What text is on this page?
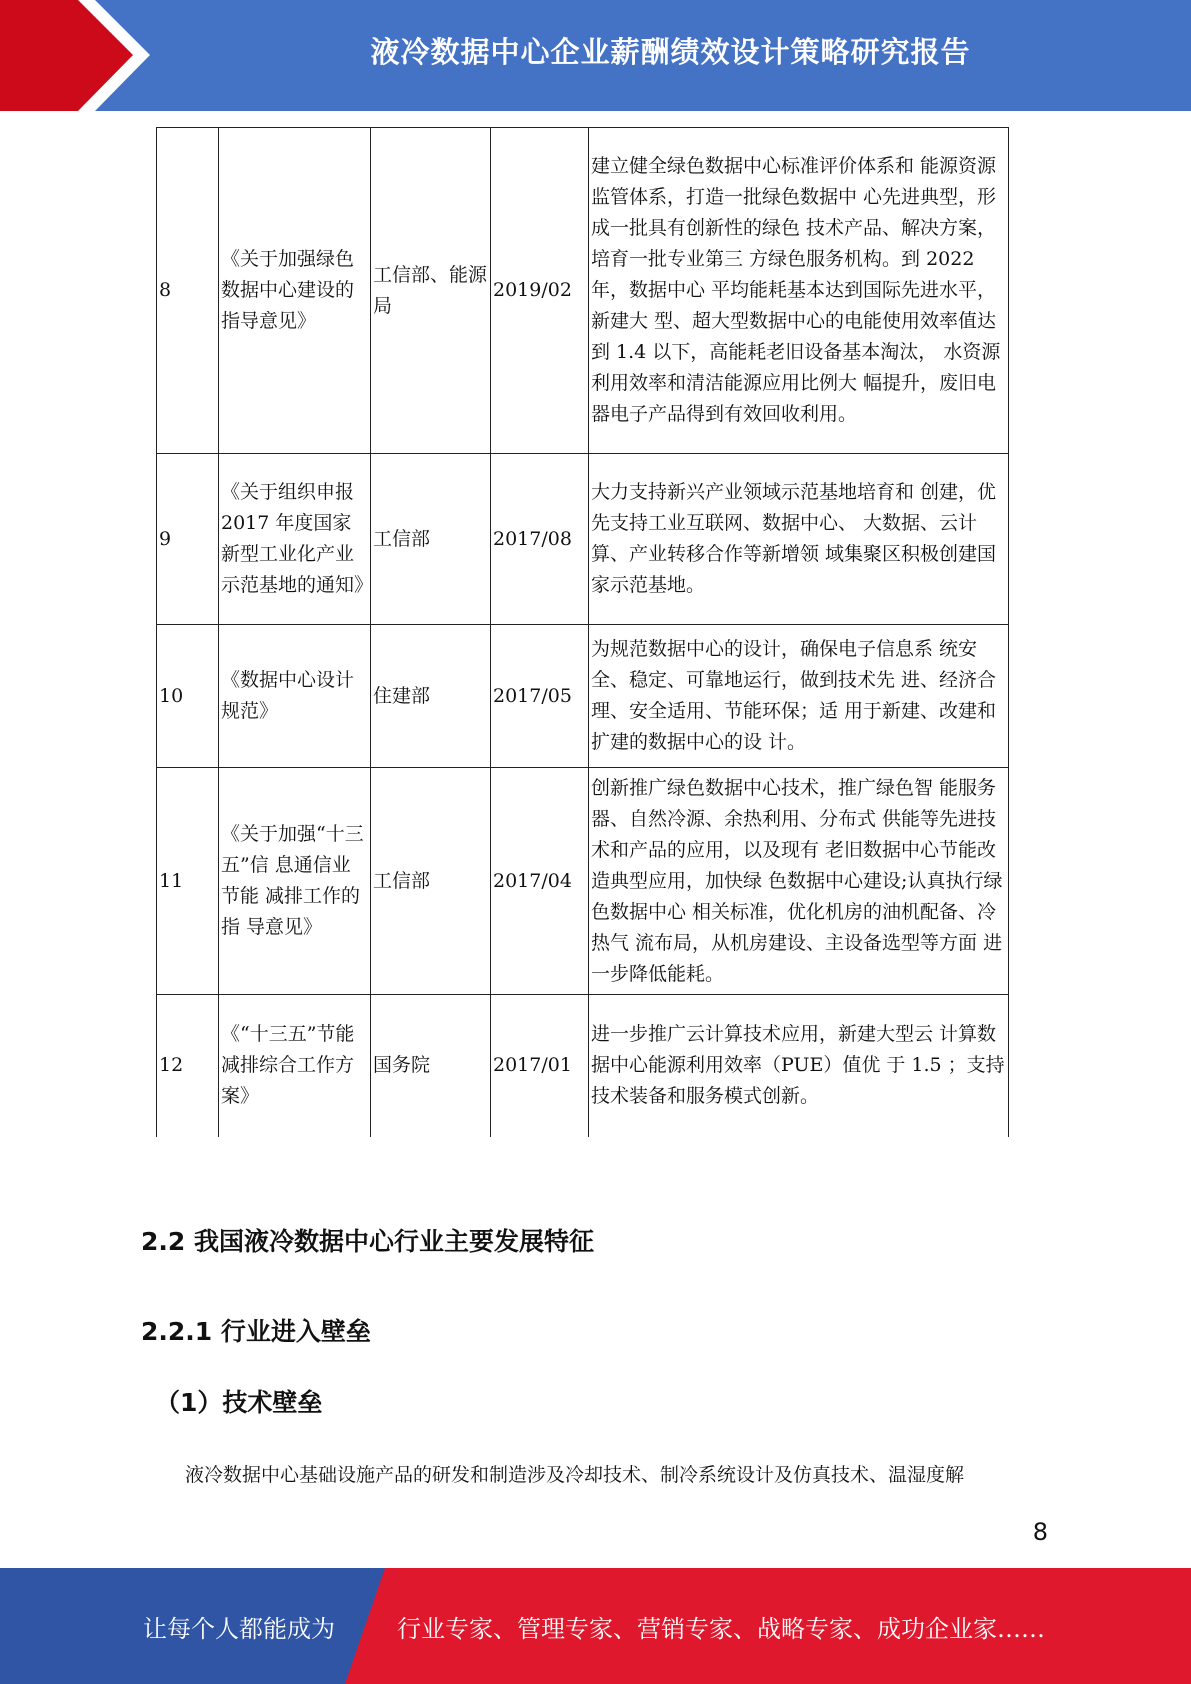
液冷数据中心企业薪酬绩效设计策略研究报告
8	《关于加强绿色数据中心建设的指导意见》	工信部、能源局	2019/02	建立健全绿色数据中心标准评价体系和 能源资源监管体系，打造一批绿色数据中 心先进典型，形成一批具有创新性的绿色 技术产品、解决方案，培育一批专业第三 方绿色服务机构。到 2022 年，数据中心 平均能耗基本达到国际先进水平，新建大 型、超大型数据中心的电能使用效率值达 到 1.4 以下，高能耗老旧设备基本淘汰， 水资源利用效率和清洁能源应用比例大 幅提升，废旧电器电子产品得到有效回收利用。
9	《关于组织申报 2017 年度国家新型工业化产业示范基地的通知》	工信部	2017/08	大力支持新兴产业领域示范基地培育和 创建，优先支持工业互联网、数据中心、 大数据、云计算、产业转移合作等新增领 域集聚区积极创建国家示范基地。
10	《数据中心设计规范》	住建部	2017/05	为规范数据中心的设计，确保电子信息系 统安全、稳定、可靠地运行，做到技术先 进、经济合理、安全适用、节能环保；适 用于新建、改建和扩建的数据中心的设 计。
11	《关于加强“十三五”信 息通信业节能 减排工作的指 导意见》	工信部	2017/04	创新推广绿色数据中心技术，推广绿色智 能服务器、自然冷源、余热利用、分布式 供能等先进技术和产品的应用，以及现有 老旧数据中心节能改造典型应用，加快绿 色数据中心建设;认真执行绿色数据中心 相关标准，优化机房的油机配备、冷热气 流布局，从机房建设、主设备选型等方面 进一步降低能耗。
12	《“十三五”节能减排综合工作方案》	国务院	2017/01	进一步推广云计算技术应用，新建大型云 计算数据中心能源利用效率（PUE）值优 于 1.5 ；支持技术装备和服务模式创新。
2.2 我国液冷数据中心行业主要发展特征
2.2.1 行业进入壁垒
（1）技术壁垒
液冷数据中心基础设施产品的研发和制造涉及冷却技术、制冷系统设计及仿真技术、温湿度解
8
让每个人都能成为	行业专家、管理专家、营销专家、战略专家、成功企业家……
